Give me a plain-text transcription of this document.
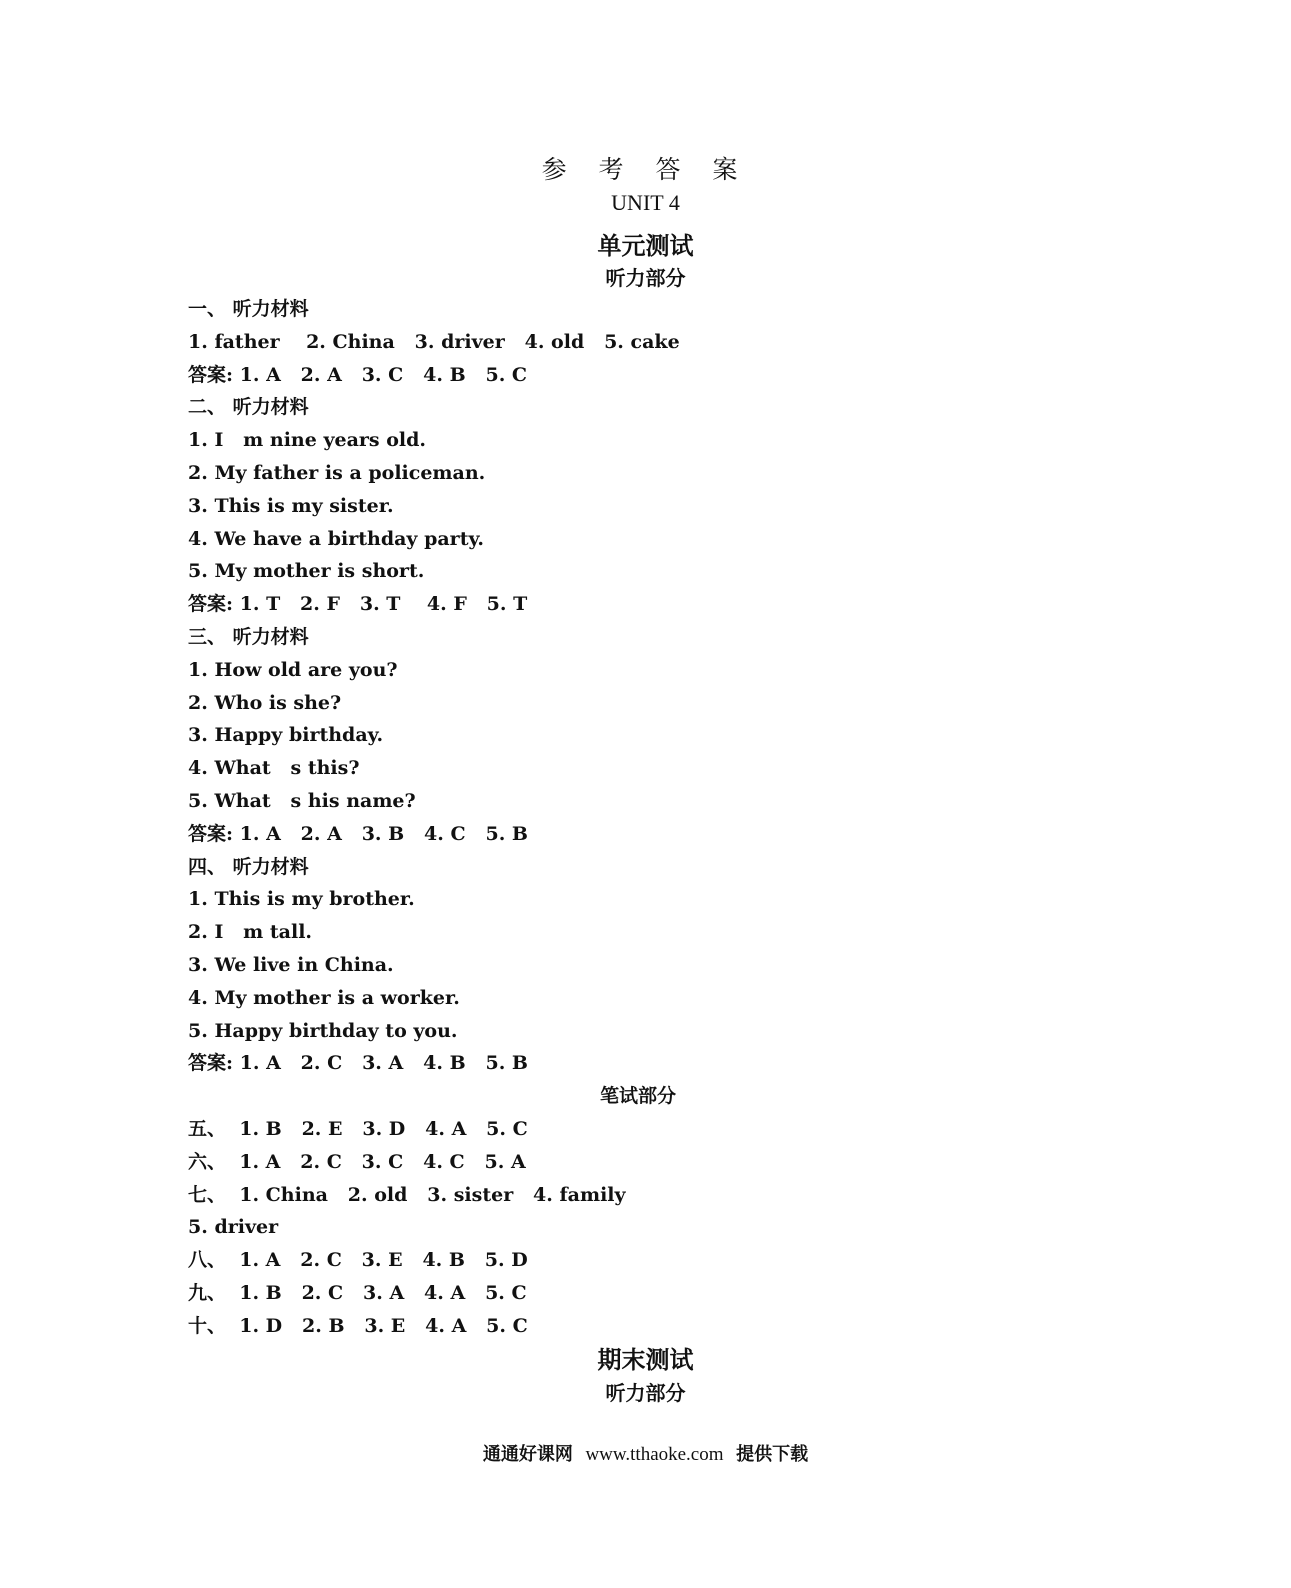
参 考 答 案
UNIT 4
单元测试
听力部分
一、 听力材料
1. father    2. China   3. driver   4. old   5. cake
答案: 1. A   2. A   3. C   4. B   5. C
二、 听力材料
1. I   m nine years old.
2. My father is a policeman.
3. This is my sister.
4. We have a birthday party.
5. My mother is short.
答案: 1. T   2. F   3. T    4. F   5. T
三、 听力材料
1. How old are you?
2. Who is she?
3. Happy birthday.
4. What   s this?
5. What   s his name?
答案: 1. A   2. A   3. B   4. C   5. B
四、 听力材料
1. This is my brother.
2. I   m tall.
3. We live in China.
4. My mother is a worker.
5. Happy birthday to you.
答案: 1. A   2. C   3. A   4. B   5. B
笔试部分
五、  1. B   2. E   3. D   4. A   5. C
六、  1. A   2. C   3. C   4. C   5. A
七、  1. China   2. old   3. sister   4. family
5. driver
八、  1. A   2. C   3. E   4. B   5. D
九、  1. B   2. C   3. A   4. A   5. C
十、  1. D   2. B   3. E   4. A   5. C
期末测试
听力部分
通通好课网 www.tthaoke.com 提供下载
